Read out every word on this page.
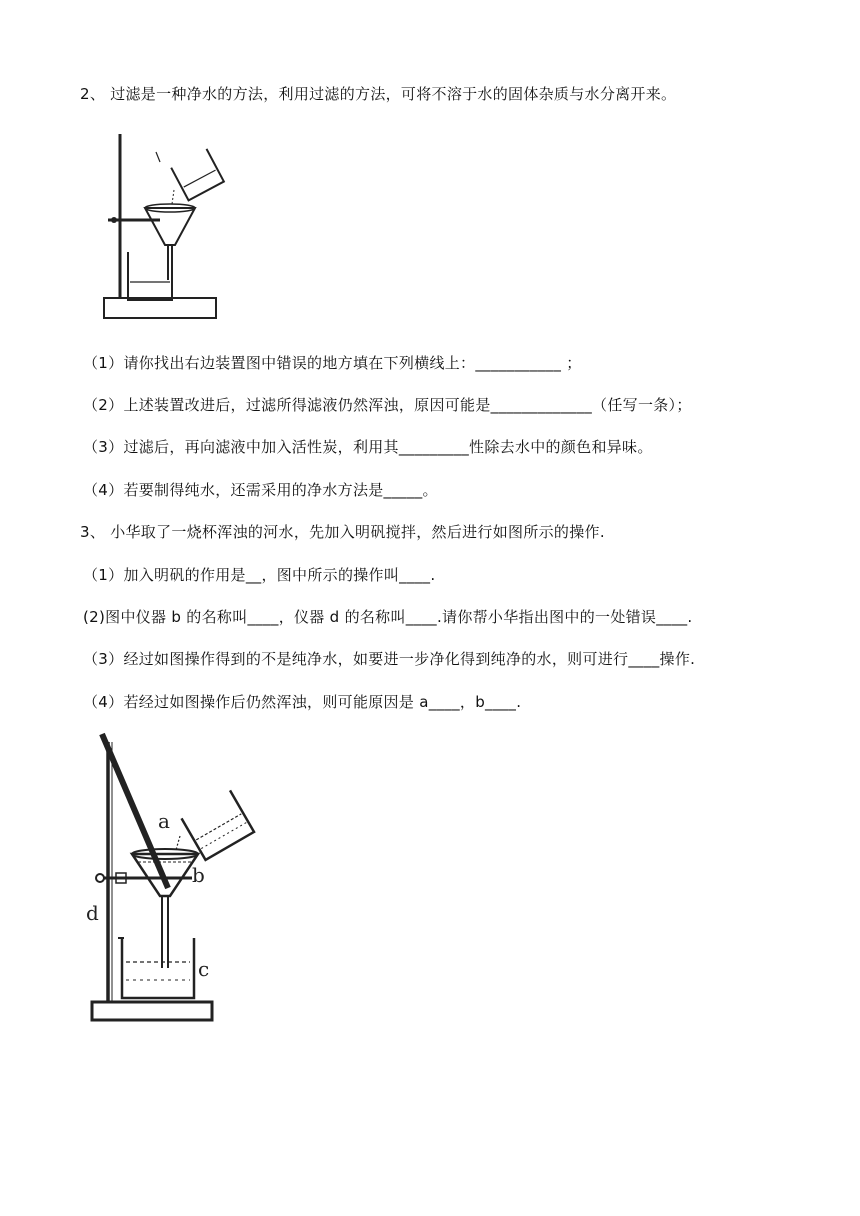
2、 过滤是一种净水的方法，利用过滤的方法，可将不溶于水的固体杂质与水分离开来。
（1）请你找出右边装置图中错误的地方填在下列横线上：___________ ；
（2）上述装置改进后，过滤所得滤液仍然浑浊，原因可能是_____________（任写一条）；
（3）过滤后，再向滤液中加入活性炭，利用其_________性除去水中的颜色和异味。
（4）若要制得纯水，还需采用的净水方法是_____。
3、 小华取了一烧杯浑浊的河水，先加入明矾搅拌，然后进行如图所示的操作.
（1）加入明矾的作用是__，图中所示的操作叫____.
(2)图中仪器 b 的名称叫____，仪器 d 的名称叫____.请你帮小华指出图中的一处错误____.
（3）经过如图操作得到的不是纯净水，如要进一步净化得到纯净的水，则可进行____操作.
（4）若经过如图操作后仍然浑浊，则可能原因是 a____，b____.
a
b
c
d
